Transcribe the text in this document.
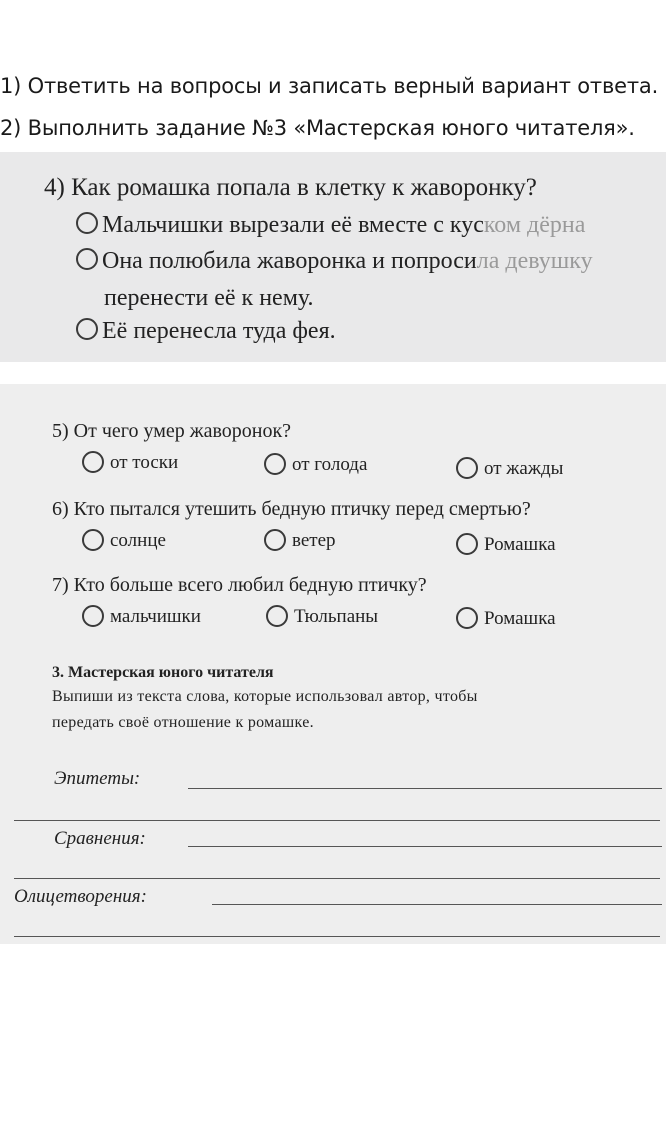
1) Ответить на вопросы и записать верный вариант ответа.
2) Выполнить задание №3 «Мастерская юного читателя».
4) Как ромашка попала в клетку к жаворонку?
Мальчишки вырезали её вместе с куском дёрна
Она полюбила жаворонка и попросила девушку
перенести её к нему.
Её перенесла туда фея.
5) От чего умер жаворонок?
от тоски	от голода	от жажды
6) Кто пытался утешить бедную птичку перед смертью?
солнце	ветер	Ромашка
7) Кто больше всего любил бедную птичку?
мальчишки	Тюльпаны	Ромашка
3. Мастерская юного читателя
Выпиши из текста слова, которые использовал автор, чтобы
передать своё отношение к ромашке.
Эпитеты:
Сравнения:
Олицетворения:
